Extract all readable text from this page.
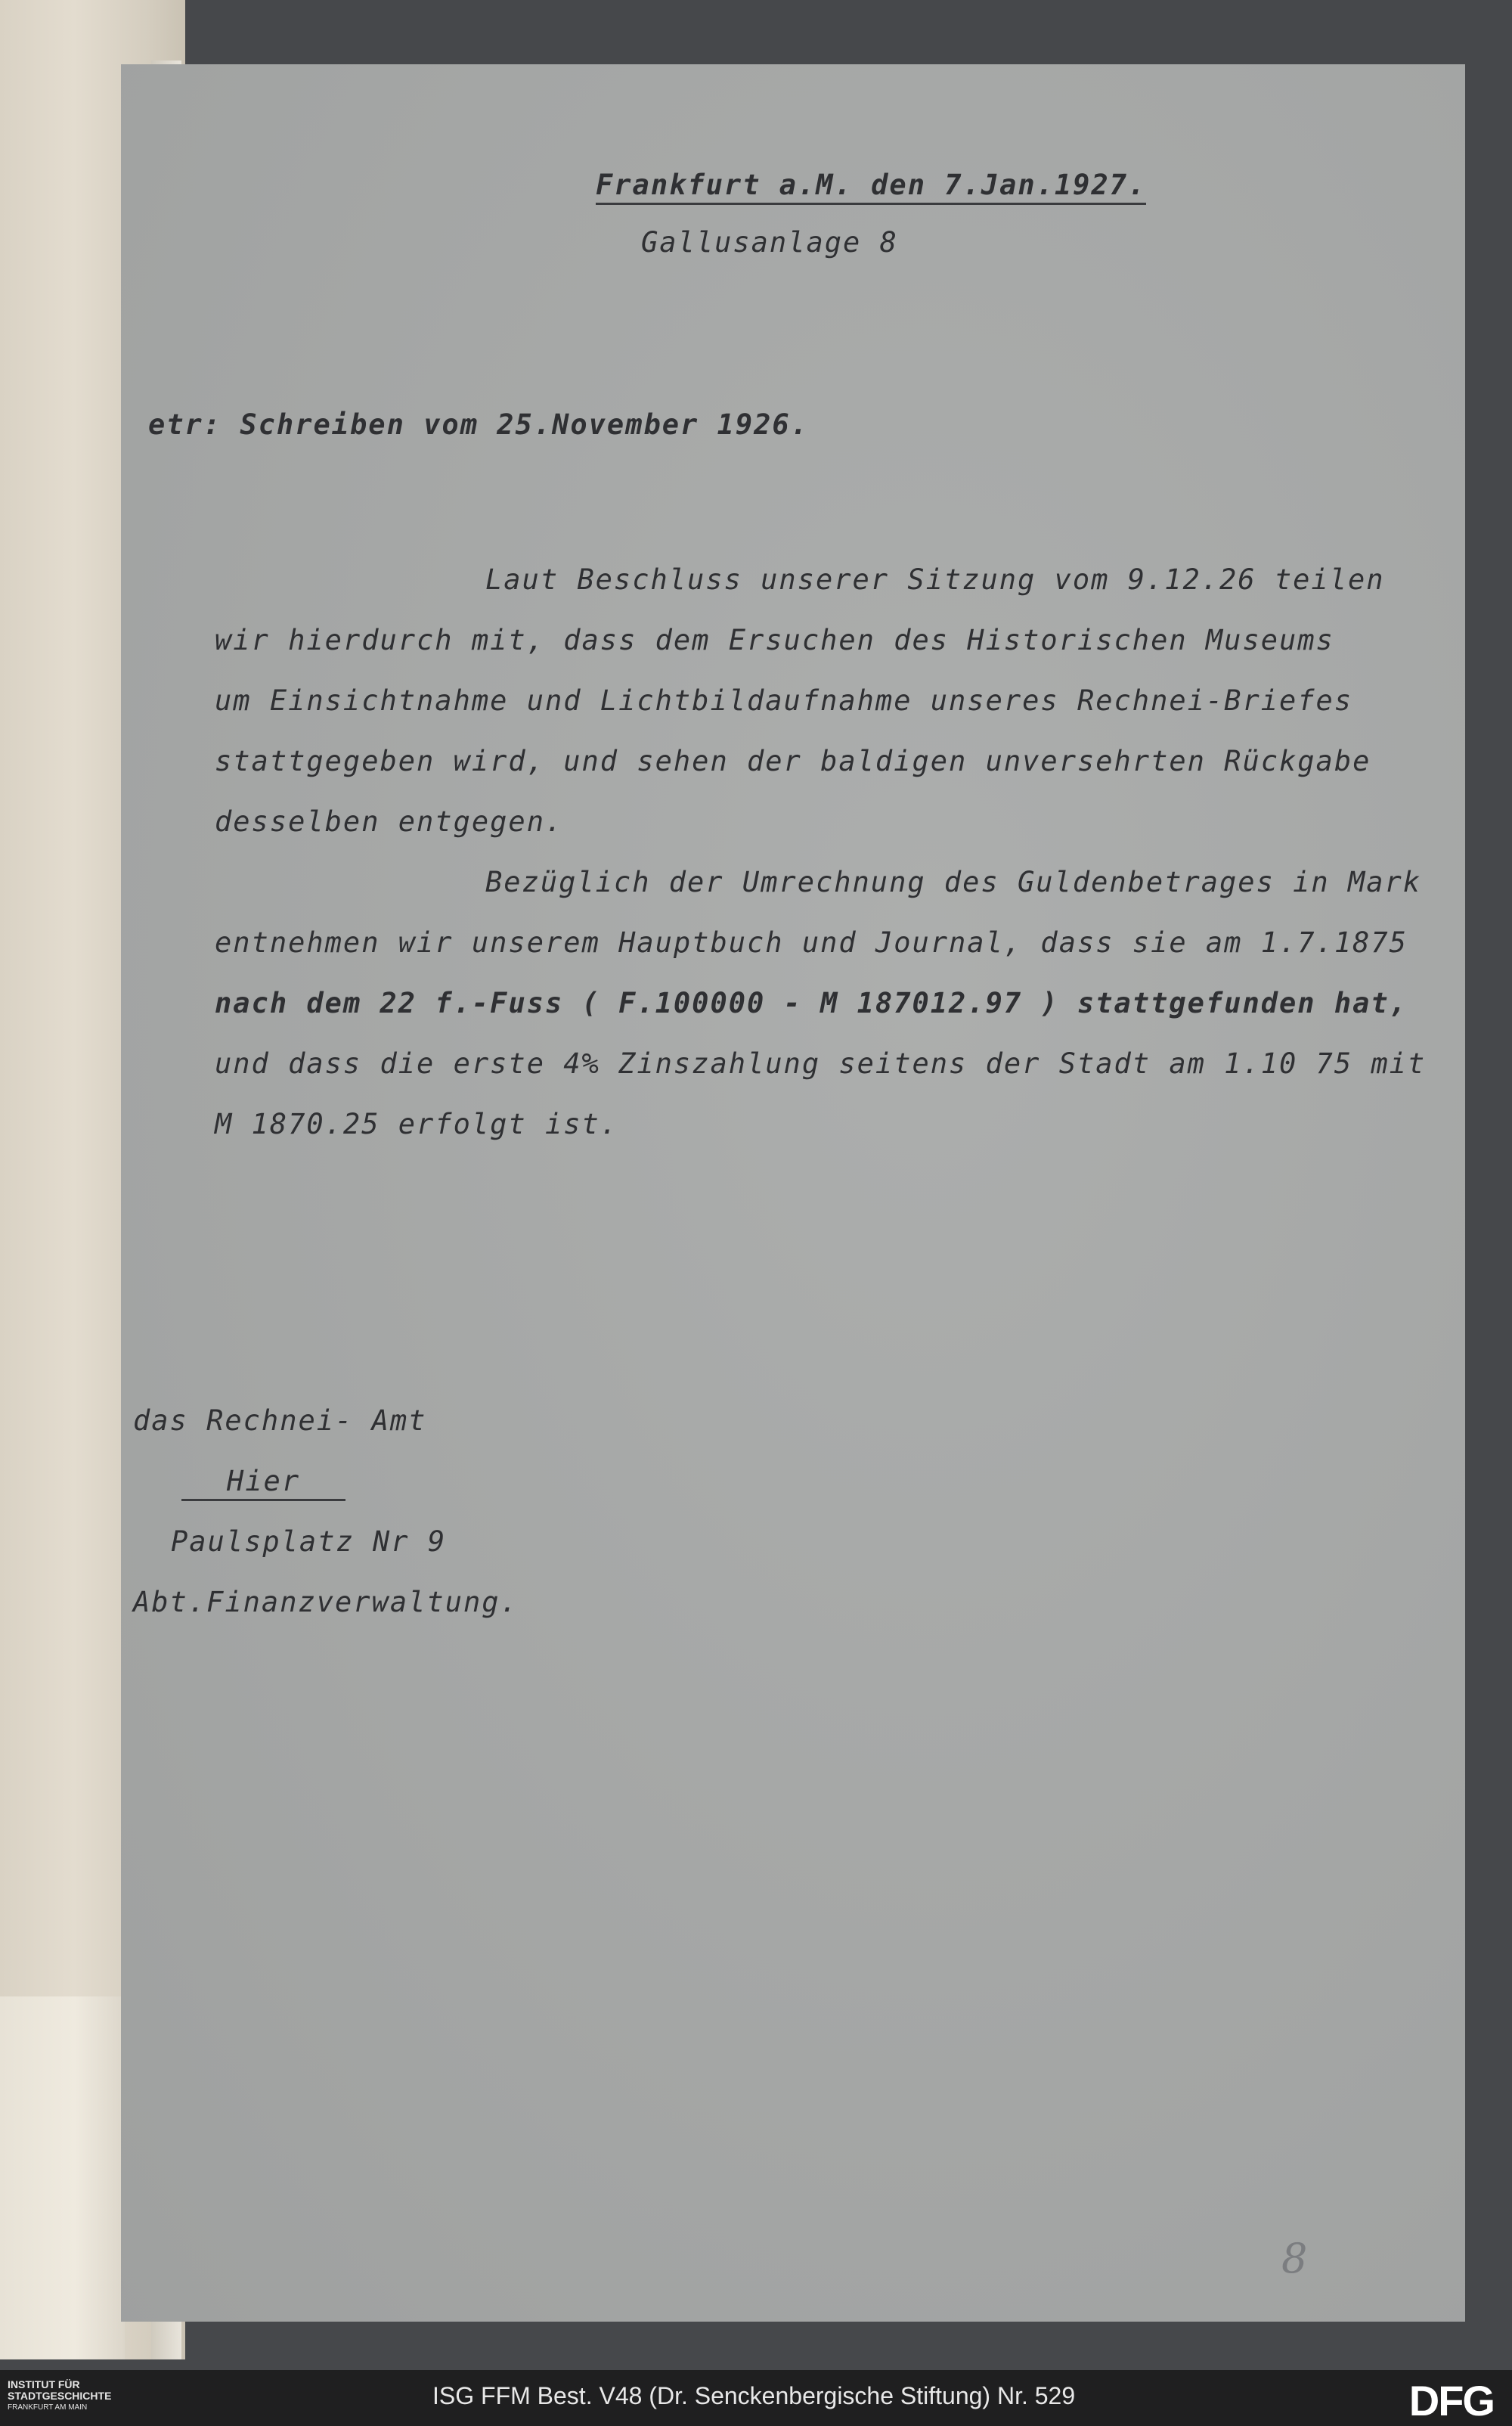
Frankfurt a.M. den 7.Jan.1927.
Gallusanlage 8
etr: Schreiben vom 25.November 1926.
Laut Beschluss unserer Sitzung vom 9.12.26 teilen
wir hierdurch mit, dass dem Ersuchen des Historischen Museums
um Einsichtnahme und Lichtbildaufnahme unseres Rechnei-Briefes
stattgegeben wird, und sehen der baldigen unversehrten Rückgabe
desselben entgegen.
Bezüglich der Umrechnung des Guldenbetrages in Mark
entnehmen wir unserem Hauptbuch und Journal, dass sie am 1.7.1875
nach dem 22 f.-Fuss ( F.100000 - M 187012.97 ) stattgefunden hat,
und dass die erste 4% Zinszahlung seitens der Stadt am 1.10 75 mit
M 1870.25 erfolgt ist.
das Rechnei- Amt
Hier
Paulsplatz Nr 9
Abt.Finanzverwaltung.
8
INSTITUT FÜR
STADTGESCHICHTE
FRANKFURT AM MAIN	ISG FFM Best. V48 (Dr. Senckenbergische Stiftung) Nr. 529	DFG
